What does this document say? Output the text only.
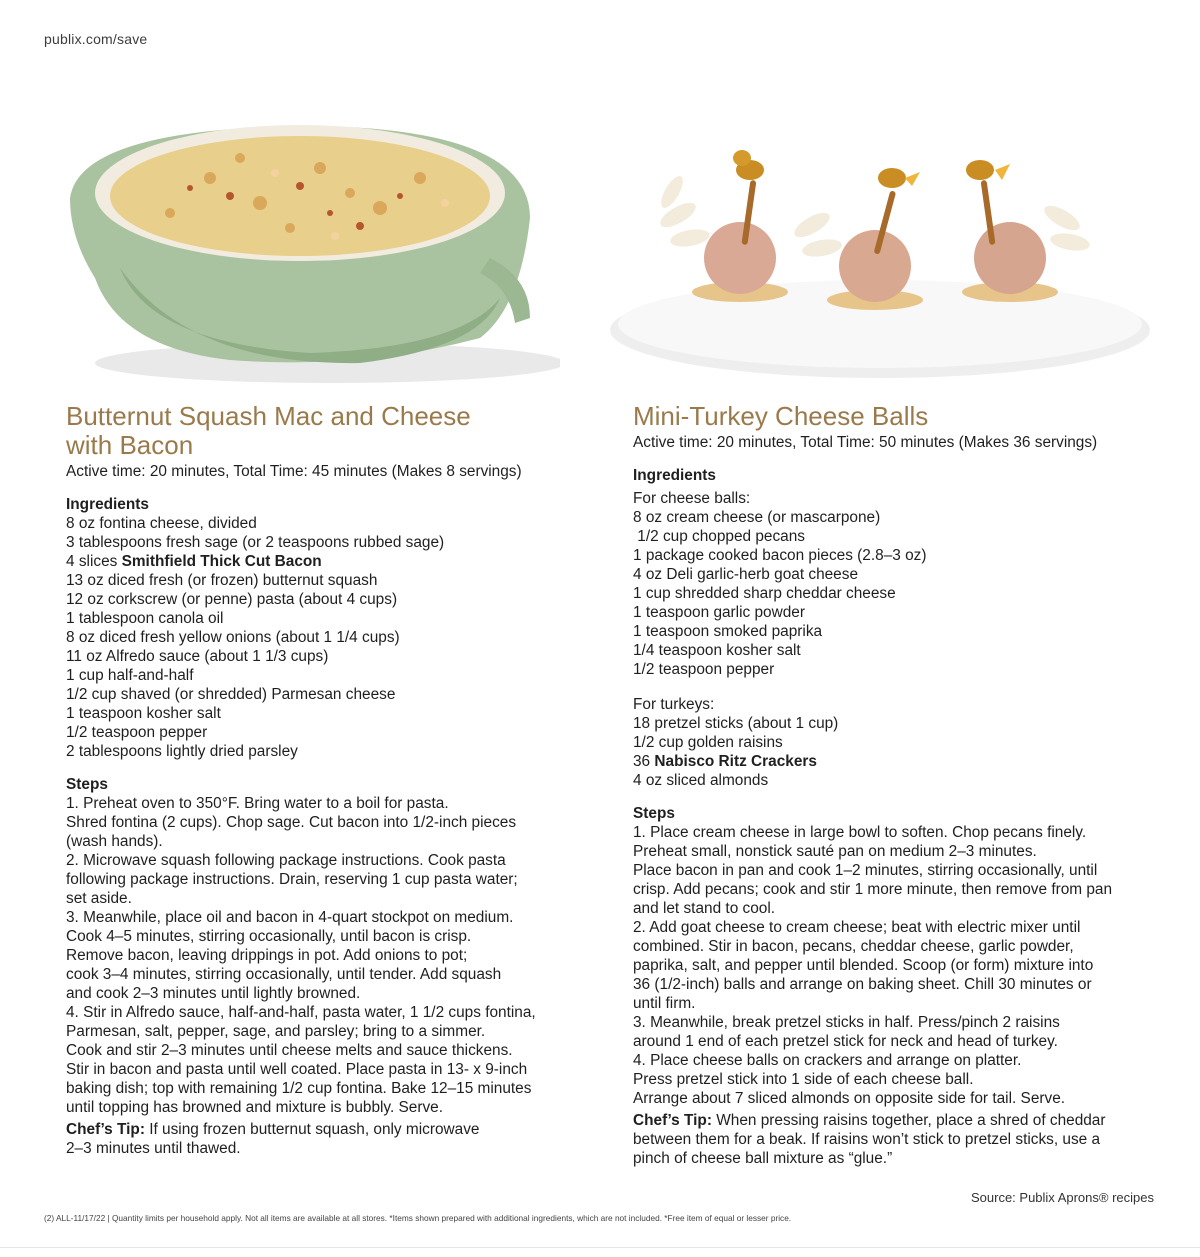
publix.com/save
Butternut Squash Mac and Cheese
with Bacon
Active time: 20 minutes, Total Time: 45 minutes (Makes 8 servings)
Ingredients
8 oz fontina cheese, divided
3 tablespoons fresh sage (or 2 teaspoons rubbed sage)
4 slices Smithfield Thick Cut Bacon
13 oz diced fresh (or frozen) butternut squash
12 oz corkscrew (or penne) pasta (about 4 cups)
1 tablespoon canola oil
8 oz diced fresh yellow onions (about 1 1/4 cups)
11 oz Alfredo sauce (about 1 1/3 cups)
1 cup half-and-half
1/2 cup shaved (or shredded) Parmesan cheese
1 teaspoon kosher salt
1/2 teaspoon pepper
2 tablespoons lightly dried parsley
Steps
1. Preheat oven to 350°F. Bring water to a boil for pasta.
Shred fontina (2 cups). Chop sage. Cut bacon into 1/2-inch pieces
(wash hands).
2. Microwave squash following package instructions. Cook pasta
following package instructions. Drain, reserving 1 cup pasta water;
set aside.
3. Meanwhile, place oil and bacon in 4-quart stockpot on medium.
Cook 4–5 minutes, stirring occasionally, until bacon is crisp.
Remove bacon, leaving drippings in pot. Add onions to pot;
cook 3–4 minutes, stirring occasionally, until tender. Add squash
and cook 2–3 minutes until lightly browned.
4. Stir in Alfredo sauce, half-and-half, pasta water, 1 1/2 cups fontina,
Parmesan, salt, pepper, sage, and parsley; bring to a simmer.
Cook and stir 2–3 minutes until cheese melts and sauce thickens.
Stir in bacon and pasta until well coated. Place pasta in 13- x 9-inch
baking dish; top with remaining 1/2 cup fontina. Bake 12–15 minutes
until topping has browned and mixture is bubbly. Serve.
Chef’s Tip: If using frozen butternut squash, only microwave
2–3 minutes until thawed.
Mini-Turkey Cheese Balls
Active time: 20 minutes, Total Time: 50 minutes (Makes 36 servings)
Ingredients
For cheese balls:
8 oz cream cheese (or mascarpone)
1/2 cup chopped pecans
1 package cooked bacon pieces (2.8–3 oz)
4 oz Deli garlic-herb goat cheese
1 cup shredded sharp cheddar cheese
1 teaspoon garlic powder
1 teaspoon smoked paprika
1/4 teaspoon kosher salt
1/2 teaspoon pepper
For turkeys:
18 pretzel sticks (about 1 cup)
1/2 cup golden raisins
36 Nabisco Ritz Crackers
4 oz sliced almonds
Steps
1. Place cream cheese in large bowl to soften. Chop pecans finely.
Preheat small, nonstick sauté pan on medium 2–3 minutes.
Place bacon in pan and cook 1–2 minutes, stirring occasionally, until
crisp. Add pecans; cook and stir 1 more minute, then remove from pan
and let stand to cool.
2. Add goat cheese to cream cheese; beat with electric mixer until
combined. Stir in bacon, pecans, cheddar cheese, garlic powder,
paprika, salt, and pepper until blended. Scoop (or form) mixture into
36 (1/2-inch) balls and arrange on baking sheet. Chill 30 minutes or
until firm.
3. Meanwhile, break pretzel sticks in half. Press/pinch 2 raisins
around 1 end of each pretzel stick for neck and head of turkey.
4. Place cheese balls on crackers and arrange on platter.
Press pretzel stick into 1 side of each cheese ball.
Arrange about 7 sliced almonds on opposite side for tail. Serve.
Chef’s Tip: When pressing raisins together, place a shred of cheddar
between them for a beak. If raisins won’t stick to pretzel sticks, use a
pinch of cheese ball mixture as “glue.”
Source: Publix Aprons® recipes
(2) ALL-11/17/22 | Quantity limits per household apply. Not all items are available at all stores. *Items shown prepared with additional ingredients, which are not included. *Free item of equal or lesser price.
